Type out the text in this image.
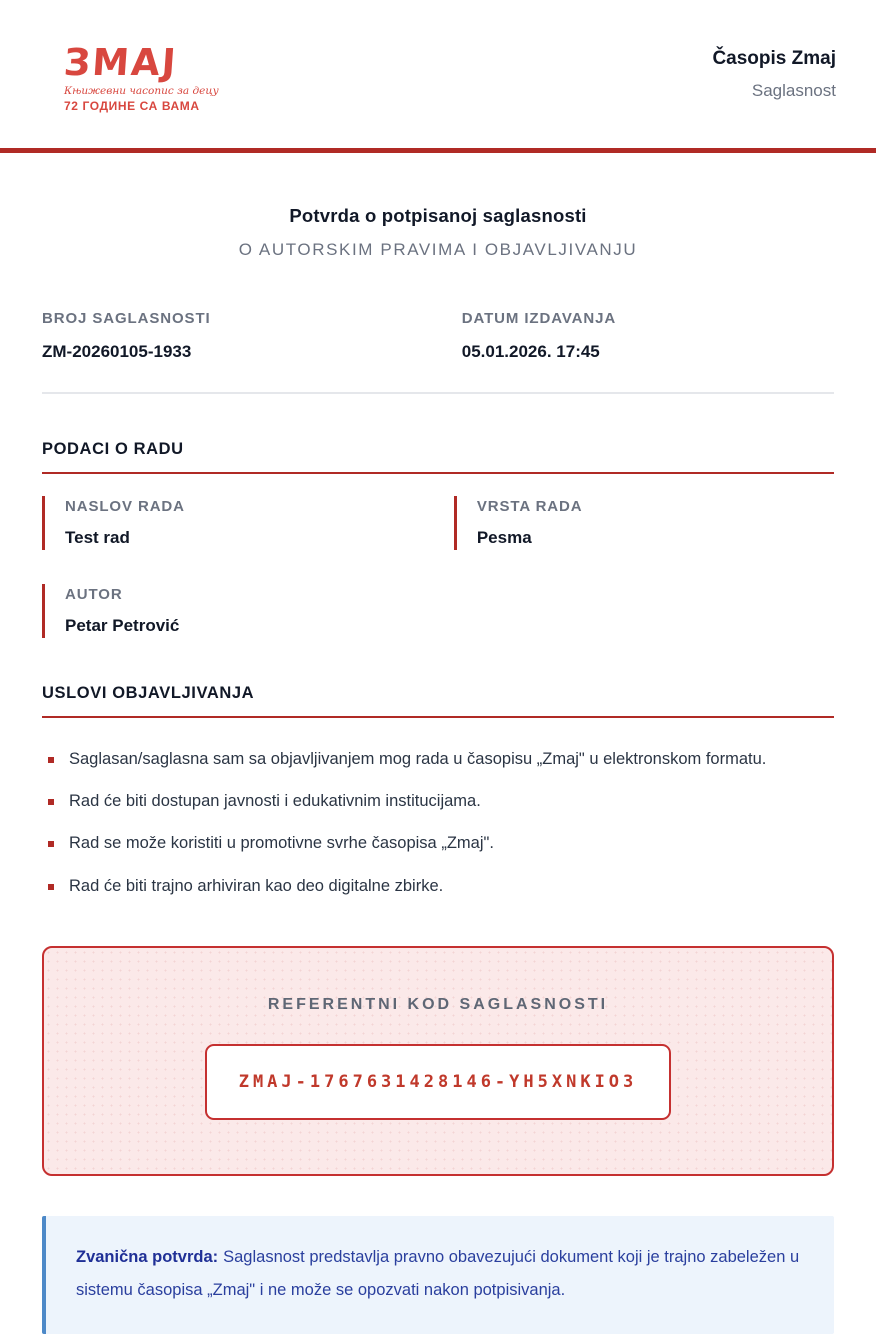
ЗМАЈ
Књижевни часопис за децу
72 ГОДИНЕ СА ВАМА
Časopis Zmaj
Saglasnost
Potvrda o potpisanoj saglasnosti
O AUTORSKIM PRAVIMA I OBJAVLJIVANJU
BROJ SAGLASNOSTI
ZM-20260105-1933
DATUM IZDAVANJA
05.01.2026. 17:45
PODACI O RADU
NASLOV RADA
Test rad
VRSTA RADA
Pesma
AUTOR
Petar Petrović
USLOVI OBJAVLJIVANJA
Saglasan/saglasna sam sa objavljivanjem mog rada u časopisu „Zmaj" u elektronskom formatu.
Rad će biti dostupan javnosti i edukativnim institucijama.
Rad se može koristiti u promotivne svrhe časopisa „Zmaj".
Rad će biti trajno arhiviran kao deo digitalne zbirke.
REFERENTNI KOD SAGLASNOSTI
ZMAJ-1767631428146-YH5XNKIO3
Zvanična potvrda: Saglasnost predstavlja pravno obavezujući dokument koji je trajno zabeležen u sistemu časopisa „Zmaj" i ne može se opozvati nakon potpisivanja.
